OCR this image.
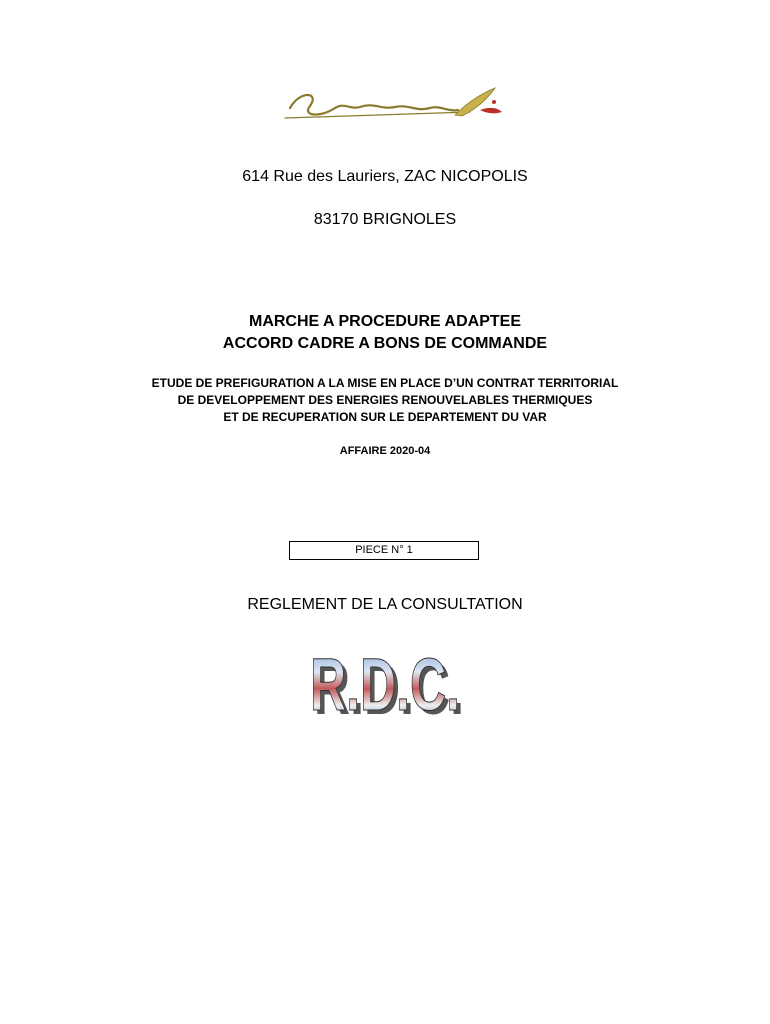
614 Rue des Lauriers, ZAC NICOPOLIS
83170 BRIGNOLES
MARCHE A PROCEDURE ADAPTEE
ACCORD CADRE A BONS DE COMMANDE
ETUDE DE PREFIGURATION A LA MISE EN PLACE D’UN CONTRAT TERRITORIAL
DE DEVELOPPEMENT DES ENERGIES RENOUVELABLES THERMIQUES
ET DE RECUPERATION SUR LE DEPARTEMENT DU VAR
AFFAIRE 2020-04
PIECE N° 1
REGLEMENT DE LA CONSULTATION
R.D.C.
R.D.C.
